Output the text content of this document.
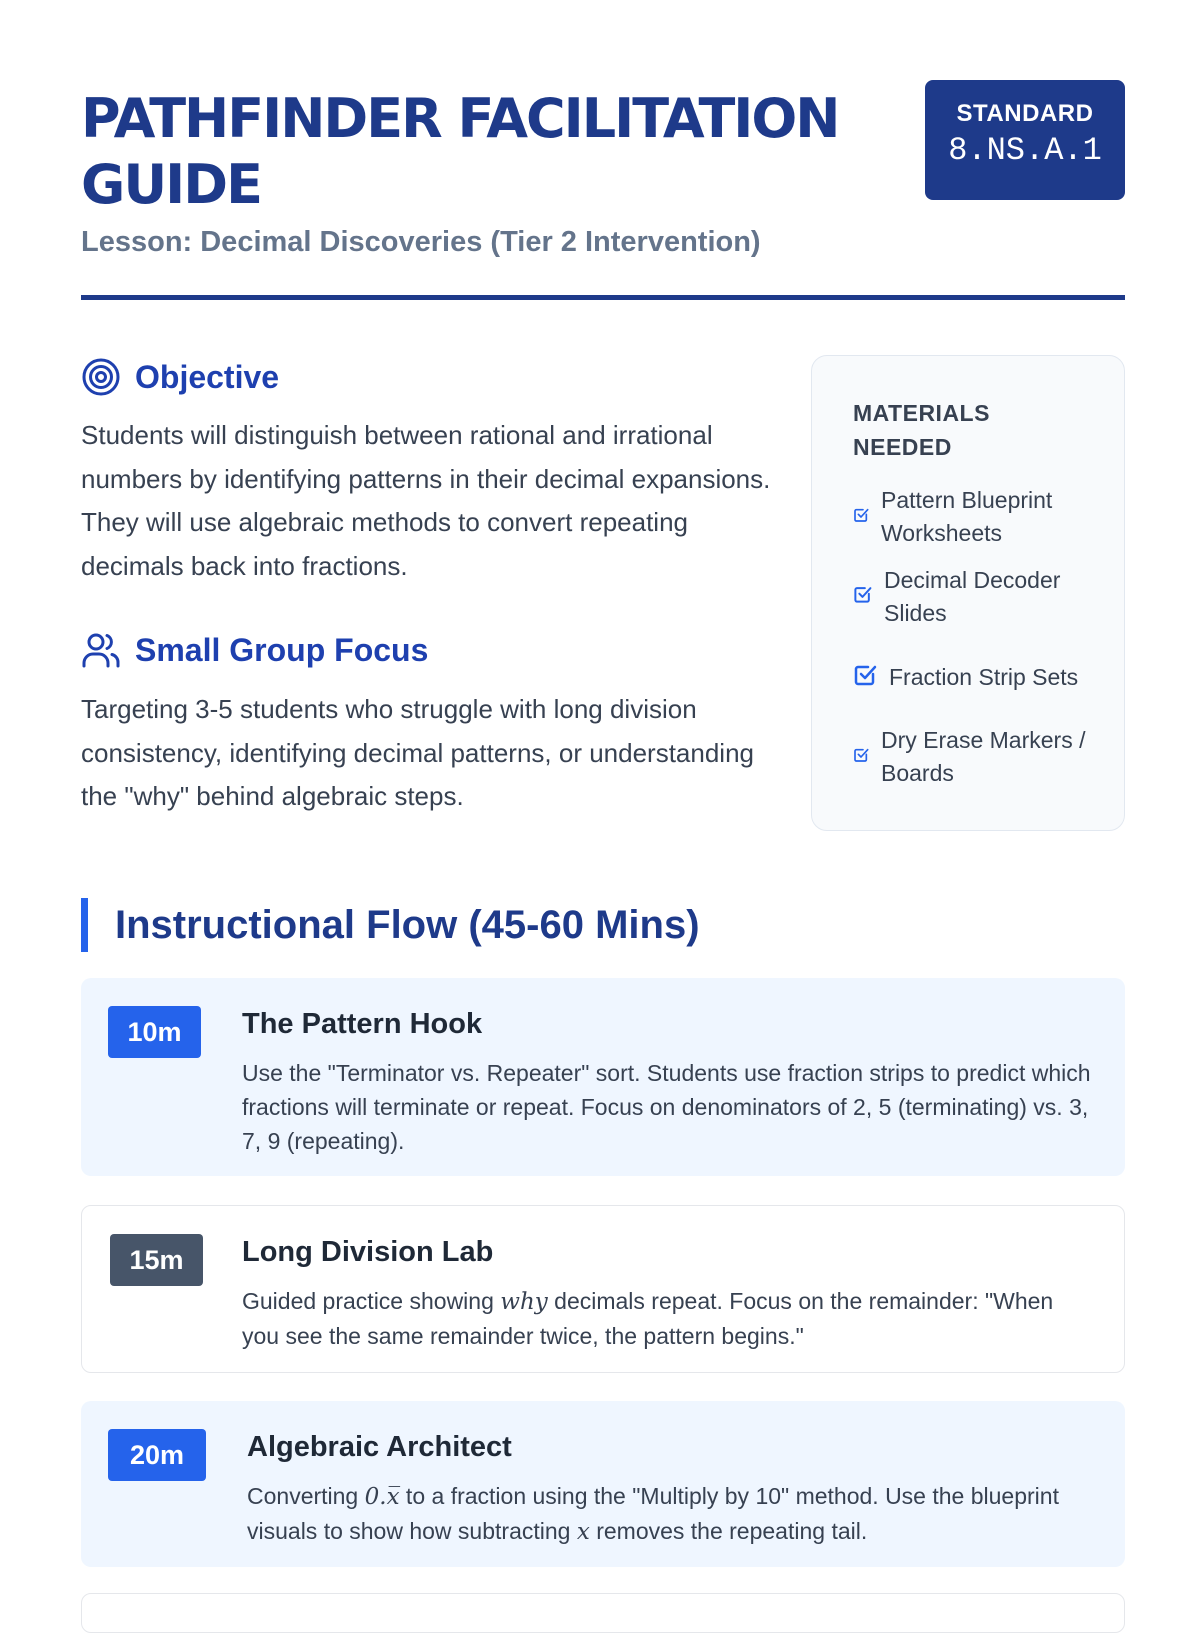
PATHFINDER FACILITATION GUIDE
STANDARD
8.NS.A.1

Lesson: Decimal Discoveries (Tier 2 Intervention)

Objective

Students will distinguish between rational and irrational numbers by identifying patterns in their decimal expansions. They will use algebraic methods to convert repeating decimals back into fractions.

Small Group Focus

Targeting 3-5 students who struggle with long division consistency, identifying decimal patterns, or understanding the "why" behind algebraic steps.

MATERIALS NEEDED
Pattern Blueprint Worksheets
Decimal Decoder Slides
Fraction Strip Sets
Dry Erase Markers / Boards
Instructional Flow (45-60 Mins)
10m	The Pattern Hook

Use the "Terminator vs. Repeater" sort. Students use fraction strips to predict which fractions will terminate or repeat. Focus on denominators of 2, 5 (terminating) vs. 3, 7, 9 (repeating).

15m	Long Division Lab

Guided practice showing why decimals repeat. Focus on the remainder: "When you see the same remainder twice, the pattern begins."

20m	Algebraic Architect

Converting 0.x̅ to a fraction using the "Multiply by 10" method. Use the blueprint visuals to show how subtracting x removes the repeating tail.
